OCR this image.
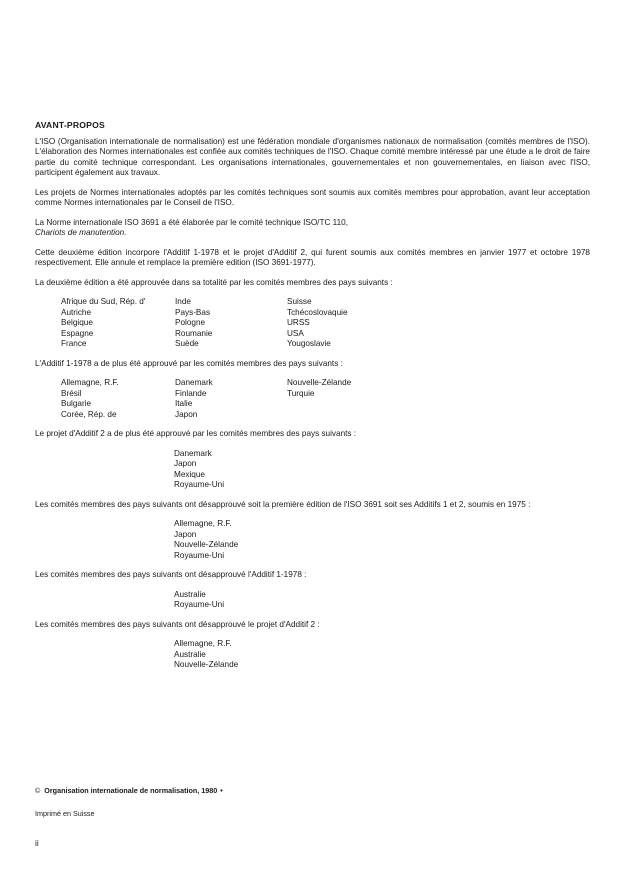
AVANT-PROPOS

L'ISO (Organisation internationale de normalisation) est une fédération mondiale d'organismes nationaux de normalisation (comités membres de l'ISO). L'élaboration des Normes internationales est confiée aux comités techniques de l'ISO. Chaque comité membre intéressé par une étude a le droit de faire partie du comité technique correspondant. Les organisations internationales, gouvernementales et non gouvernementales, en liaison avec l'ISO, participent également aux travaux.

Les projets de Normes internationales adoptés par les comités techniques sont soumis aux comités membres pour approbation, avant leur acceptation comme Normes internationales par le Conseil de l'ISO.

La Norme internationale ISO 3691 a été élaborée par le comité technique ISO/TC 110,
Chariots de manutention.

Cette deuxième édition incorpore l'Additif 1-1978 et le projet d'Additif 2, qui furent soumis aux comités membres en janvier 1977 et octobre 1978 respectivement. Elle annule et remplace la première edition (ISO 3691-1977).

La deuxième édition a été approuvée dans sa totalité par les comités membres des pays suivants :

Afrique du Sud, Rép. d'
Autriche
Belgique
Espagne
France
Inde
Pays-Bas
Pologne
Roumanie
Suède
Suisse
Tchécoslovaquie
URSS
USA
Yougoslavie

L'Additif 1-1978 a de plus été approuvé par les comités membres des pays suivants :

Allemagne, R.F.
Brésil
Bulgarie
Corée, Rép. de
Danemark
Finlande
Italie
Japon
Nouvelle-Zélande
Turquie

Le projet d'Additif 2 a de plus été approuvé par les comités membres des pays suivants :

Danemark
Japon
Mexique
Royaume-Uni

Les comités membres des pays suivants ont désapprouvé soit la première édition de l'ISO 3691 soit ses Additifs 1 et 2, soumis en 1975 :

Allemagne, R.F.
Japon
Nouvelle-Zélande
Royaume-Uni

Les comités membres des pays suivants ont désapprouvé l'Additif 1-1978 :

Australie
Royaume-Uni

Les comités membres des pays suivants ont désapprouvé le projet d'Additif 2 :

Allemagne, R.F.
Australie
Nouvelle-Zélande
© Organisation internationale de normalisation, 1980 •
Imprimé en Suisse
ii
